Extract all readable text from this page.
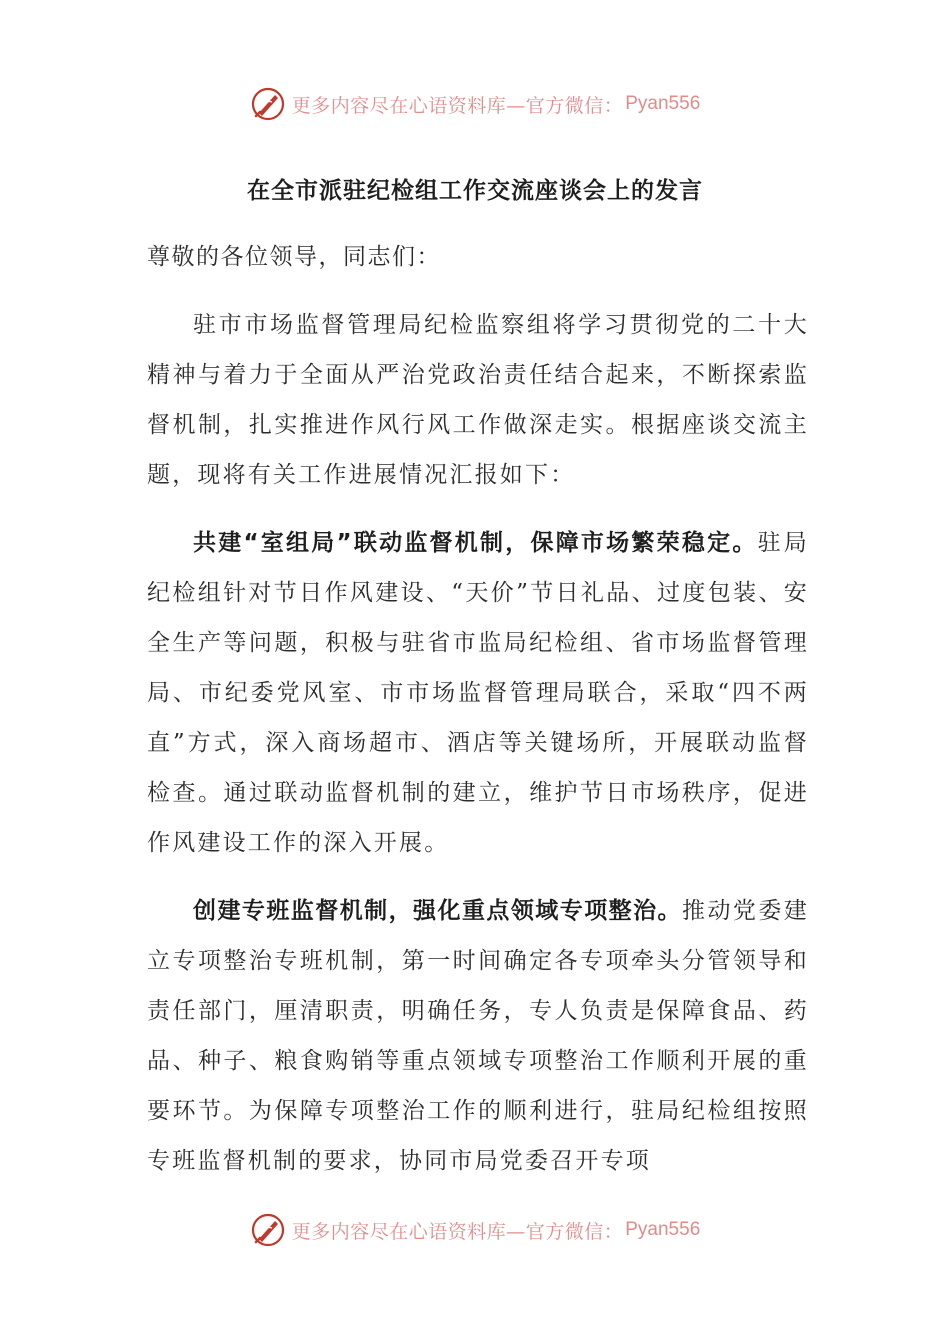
更多内容尽在心语资料库—官方微信： Pyan556
在全市派驻纪检组工作交流座谈会上的发言

尊敬的各位领导，同志们：

驻市市场监督管理局纪检监察组将学习贯彻党的二十大精神与着力于全面从严治党政治责任结合起来，不断探索监督机制，扎实推进作风行风工作做深走实。根据座谈交流主题，现将有关工作进展情况汇报如下：

共建“室组局”联动监督机制，保障市场繁荣稳定。驻局纪检组针对节日作风建设、“天价”节日礼品、过度包装、安全生产等问题，积极与驻省市监局纪检组、省市场监督管理局、市纪委党风室、市市场监督管理局联合，采取“四不两直”方式，深入商场超市、酒店等关键场所，开展联动监督检查。通过联动监督机制的建立，维护节日市场秩序，促进作风建设工作的深入开展。

创建专班监督机制，强化重点领域专项整治。推动党委建立专项整治专班机制，第一时间确定各专项牵头分管领导和责任部门，厘清职责，明确任务，专人负责是保障食品、药品、种子、粮食购销等重点领域专项整治工作顺利开展的重要环节。为保障专项整治工作的顺利进行，驻局纪检组按照专班监督机制的要求，协同市局党委召开专项

更多内容尽在心语资料库—官方微信： Pyan556
